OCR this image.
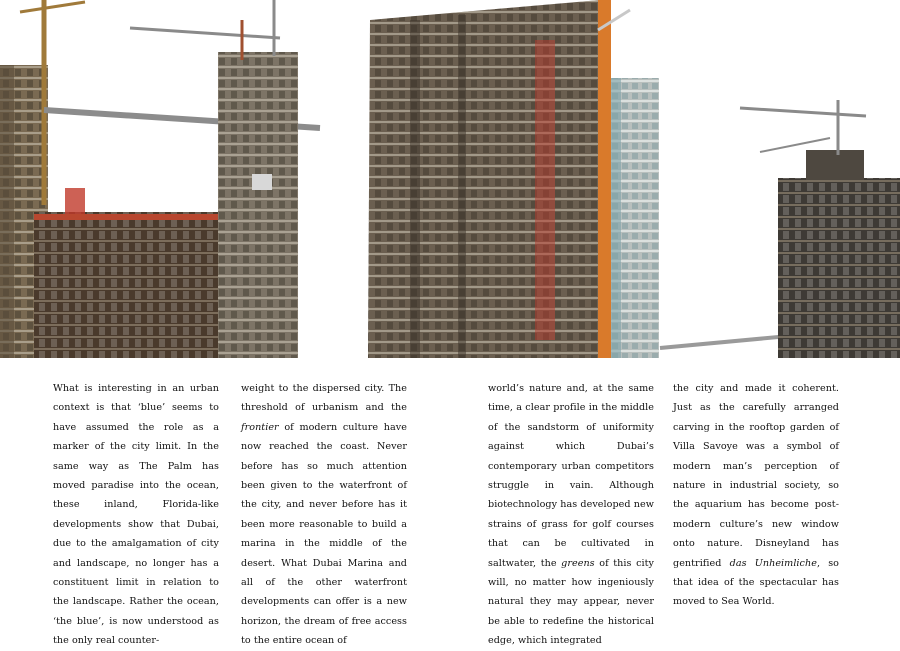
What is interesting in an urban context is that ‘blue’ seems to have assumed the role as a marker of the city limit. In the same way as The Palm has moved paradise into the ocean, these inland, Florida-like developments show that Dubai, due to the amalgamation of city and landscape, no longer has a constituent limit in relation to the landscape. Rather the ocean, ‘the blue’, is now understood as the only real counter-

weight to the dispersed city. The threshold of urbanism and the frontier of modern culture have now reached the coast. Never before has so much attention been given to the waterfront of the city, and never before has it been more reasonable to build a marina in the middle of the desert. What Dubai Marina and all of the other waterfront developments can offer is a new horizon, the dream of free access to the entire ocean of

world’s nature and, at the same time, a clear profile in the middle of the sandstorm of uniformity against which Dubai’s contemporary urban competitors struggle in vain. Although biotechnology has developed new strains of grass for golf courses that can be cultivated in saltwater, the greens of this city will, no matter how ingeniously natural they may appear, never be able to redefine the historical edge, which integrated

the city and made it coherent. Just as the carefully arranged carving in the rooftop garden of Villa Savoye was a symbol of modern man’s perception of nature in industrial society, so the aquarium has become post-modern culture’s new window onto nature. Disneyland has gentrified das Unheimliche, so that idea of the spectacular has moved to Sea World.
